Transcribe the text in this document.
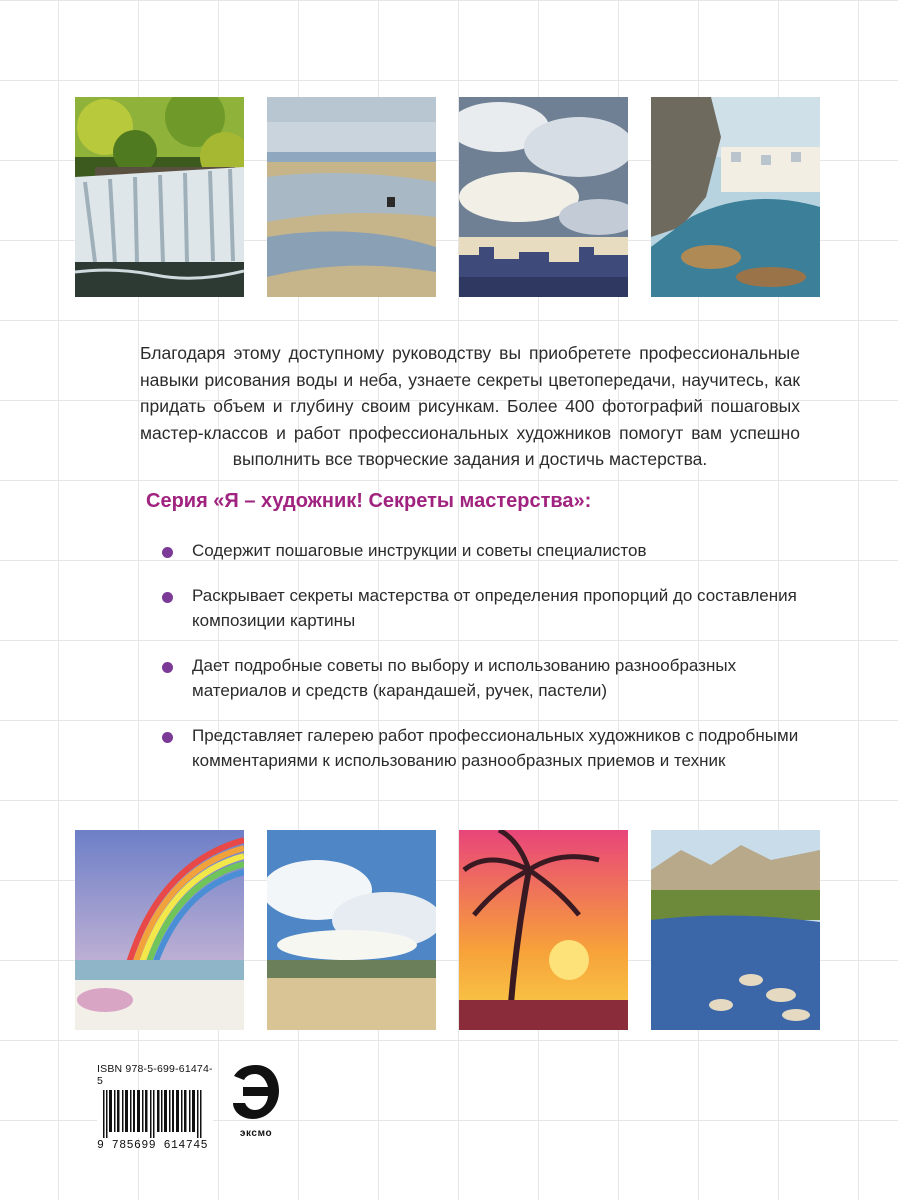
Благодаря этому доступному руководству вы приобретете профессиональные навыки рисования воды и неба, узнаете секреты цветопередачи, научитесь, как придать объем и глубину своим рисункам. Более 400 фотографий пошаговых мастер-классов и работ профессиональных художников помогут вам успешно выполнить все творческие задания и достичь мастерства.

Серия «Я – художник! Секреты мастерства»:
Содержит пошаговые инструкции и советы специалистов
Раскрывает секреты мастерства от определения пропорций до составления композиции картины
Дает подробные советы по выбору и использованию разнообразных материалов и средств (карандашей, ручек, пастели)
Представляет галерею работ профессиональных художников с подробными комментариями к использованию разнообразных приемов и техник

ISBN 978-5-699-61474-5

9 785699 614745

эксмо
